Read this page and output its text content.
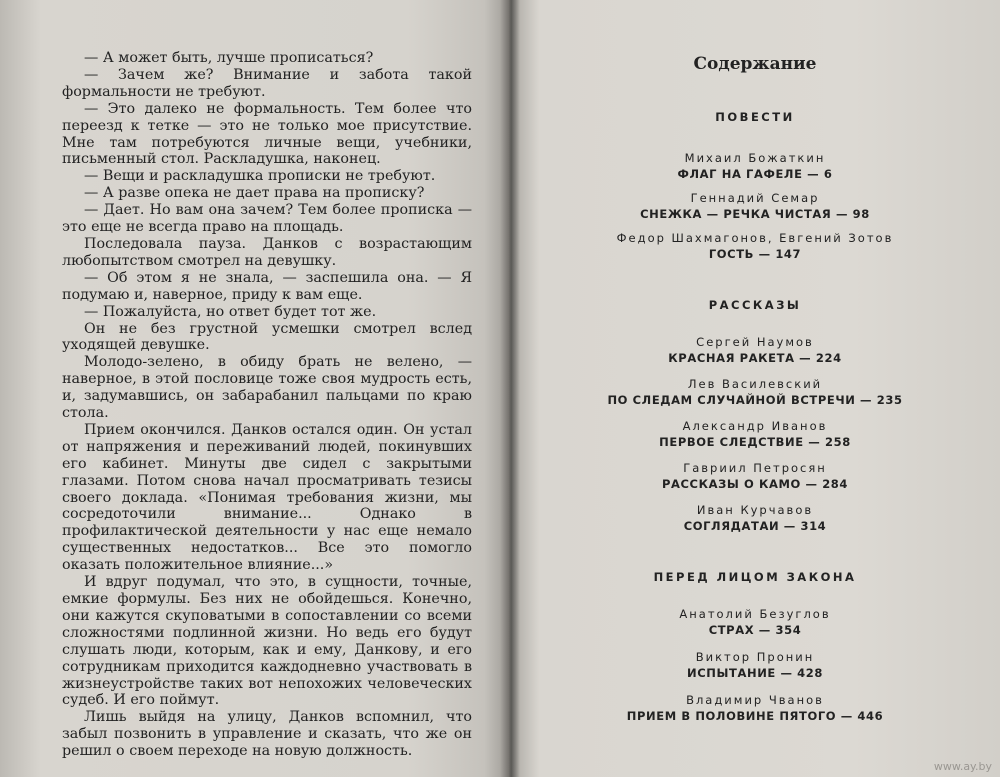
— А может быть, лучше прописаться?

— Зачем же? Внимание и забота такой формальности не требуют.

— Это далеко не формальность. Тем более что переезд к тетке — это не только мое присутствие. Мне там потребуются личные вещи, учебники, письменный стол. Раскладушка, наконец.

— Вещи и раскладушка прописки не требуют.

— А разве опека не дает права на прописку?

— Дает. Но вам она зачем? Тем более прописка — это еще не всегда право на площадь.

Последовала пауза. Данков с возрастающим любопытством смотрел на девушку.

— Об этом я не знала, — заспешила она. — Я подумаю и, наверное, приду к вам еще.

— Пожалуйста, но ответ будет тот же.

Он не без грустной усмешки смотрел вслед уходящей девушке.

Молодо-зелено, в обиду брать не велено, — наверное, в этой пословице тоже своя мудрость есть, и, задумавшись, он забарабанил пальцами по краю стола.

Прием окончился. Данков остался один. Он устал от напряжения и переживаний людей, покинувших его кабинет. Минуты две сидел с закрытыми глазами. Потом снова начал просматривать тезисы своего доклада. «Понимая требования жизни, мы сосредоточили внимание... Однако в профилактической деятельности у нас еще немало существенных недостатков... Все это помогло оказать положительное влияние...»

И вдруг подумал, что это, в сущности, точные, емкие формулы. Без них не обойдешься. Конечно, они кажутся скуповатыми в сопоставлении со всеми сложностями подлинной жизни. Но ведь его будут слушать люди, которым, как и ему, Данкову, и его сотрудникам приходится каждодневно участвовать в жизнеустройстве таких вот непохожих человеческих судеб. И его поймут.

Лишь выйдя на улицу, Данков вспомнил, что забыл позвонить в управление и сказать, что же он решил о своем переходе на новую должность.

Содержание
ПОВЕСТИ
Михаил Божаткин
ФЛАГ НА ГАФЕЛЕ — 6
Геннадий Семар
СНЕЖКА — РЕЧКА ЧИСТАЯ — 98
Федор Шахмагонов, Евгений Зотов
ГОСТЬ — 147
РАССКАЗЫ
Сергей Наумов
КРАСНАЯ РАКЕТА — 224
Лев Василевский
ПО СЛЕДАМ СЛУЧАЙНОЙ ВСТРЕЧИ — 235
Александр Иванов
ПЕРВОЕ СЛЕДСТВИЕ — 258
Гавриил Петросян
РАССКАЗЫ О КАМО — 284
Иван Курчавов
СОГЛЯДАТАИ — 314
ПЕРЕД ЛИЦОМ ЗАКОНА
Анатолий Безуглов
СТРАХ — 354
Виктор Пронин
ИСПЫТАНИЕ — 428
Владимир Чванов
ПРИЕМ В ПОЛОВИНЕ ПЯТОГО — 446
www.ay.by
